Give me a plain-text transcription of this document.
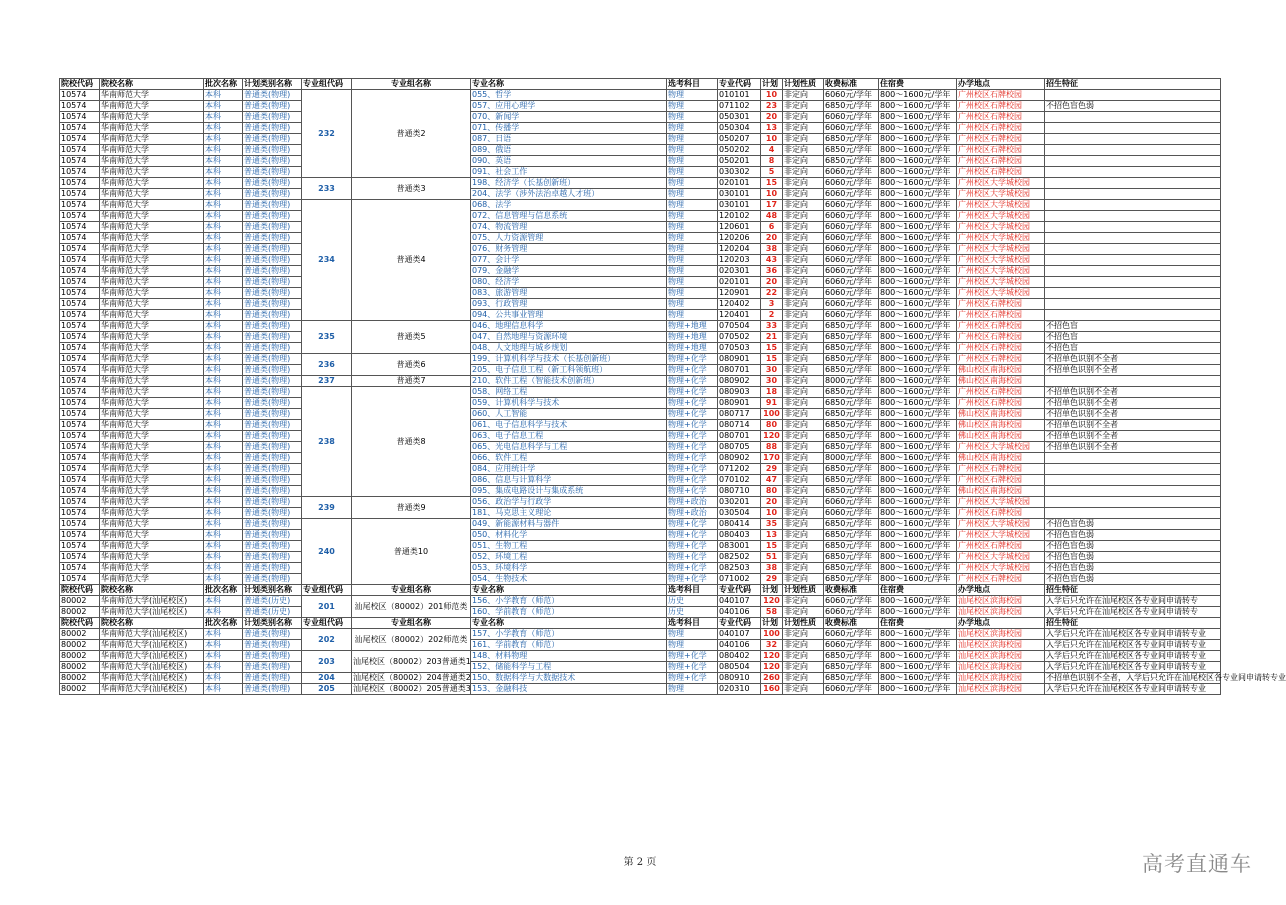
院校代码	院校名称	批次名称	计划类别名称	专业组代码	专业组名称	专业名称	选考科目	专业代码	计划	计划性质	收费标准	住宿费	办学地点	招生特征
10574	华南师范大学	本科	普通类(物理)	232	普通类2	055、哲学	物理	010101	10	非定向	6060元/学年	800～1600元/学年	广州校区石牌校园	
10574	华南师范大学	本科	普通类(物理)			057、应用心理学	物理	071102	23	非定向	6850元/学年	800～1600元/学年	广州校区石牌校园	不招色盲色弱
10574	华南师范大学	本科	普通类(物理)			070、新闻学	物理	050301	20	非定向	6060元/学年	800～1600元/学年	广州校区石牌校园	
10574	华南师范大学	本科	普通类(物理)			071、传播学	物理	050304	13	非定向	6060元/学年	800～1600元/学年	广州校区石牌校园	
10574	华南师范大学	本科	普通类(物理)			087、日语	物理	050207	10	非定向	6850元/学年	800～1600元/学年	广州校区石牌校园	
10574	华南师范大学	本科	普通类(物理)			089、俄语	物理	050202	4	非定向	6850元/学年	800～1600元/学年	广州校区石牌校园	
10574	华南师范大学	本科	普通类(物理)			090、英语	物理	050201	8	非定向	6850元/学年	800～1600元/学年	广州校区石牌校园	
10574	华南师范大学	本科	普通类(物理)			091、社会工作	物理	030302	5	非定向	6060元/学年	800～1600元/学年	广州校区石牌校园	
10574	华南师范大学	本科	普通类(物理)	233	普通类3	198、经济学（长基创新班）	物理	020101	15	非定向	6060元/学年	800～1600元/学年	广州校区大学城校园	
10574	华南师范大学	本科	普通类(物理)			204、法学（涉外法治卓越人才班）	物理	030101	10	非定向	6060元/学年	800～1600元/学年	广州校区大学城校园	
10574	华南师范大学	本科	普通类(物理)	234	普通类4	068、法学	物理	030101	17	非定向	6060元/学年	800～1600元/学年	广州校区大学城校园	
10574	华南师范大学	本科	普通类(物理)			072、信息管理与信息系统	物理	120102	48	非定向	6060元/学年	800～1600元/学年	广州校区大学城校园	
10574	华南师范大学	本科	普通类(物理)			074、物流管理	物理	120601	6	非定向	6060元/学年	800～1600元/学年	广州校区大学城校园	
10574	华南师范大学	本科	普通类(物理)			075、人力资源管理	物理	120206	20	非定向	6060元/学年	800～1600元/学年	广州校区大学城校园	
10574	华南师范大学	本科	普通类(物理)			076、财务管理	物理	120204	38	非定向	6060元/学年	800～1600元/学年	广州校区大学城校园	
10574	华南师范大学	本科	普通类(物理)			077、会计学	物理	120203	43	非定向	6060元/学年	800～1600元/学年	广州校区大学城校园	
10574	华南师范大学	本科	普通类(物理)			079、金融学	物理	020301	36	非定向	6060元/学年	800～1600元/学年	广州校区大学城校园	
10574	华南师范大学	本科	普通类(物理)			080、经济学	物理	020101	20	非定向	6060元/学年	800～1600元/学年	广州校区大学城校园	
10574	华南师范大学	本科	普通类(物理)			083、旅游管理	物理	120901	22	非定向	6060元/学年	800～1600元/学年	广州校区大学城校园	
10574	华南师范大学	本科	普通类(物理)			093、行政管理	物理	120402	3	非定向	6060元/学年	800～1600元/学年	广州校区石牌校园	
10574	华南师范大学	本科	普通类(物理)			094、公共事业管理	物理	120401	2	非定向	6060元/学年	800～1600元/学年	广州校区石牌校园	
10574	华南师范大学	本科	普通类(物理)	235	普通类5	046、地理信息科学	物理+地理	070504	33	非定向	6850元/学年	800～1600元/学年	广州校区石牌校园	不招色盲
10574	华南师范大学	本科	普通类(物理)			047、自然地理与资源环境	物理+地理	070502	21	非定向	6850元/学年	800～1600元/学年	广州校区石牌校园	不招色盲
10574	华南师范大学	本科	普通类(物理)			048、人文地理与城乡规划	物理+地理	070503	15	非定向	6850元/学年	800～1600元/学年	广州校区石牌校园	不招色盲
10574	华南师范大学	本科	普通类(物理)	236	普通类6	199、计算机科学与技术（长基创新班）	物理+化学	080901	15	非定向	6850元/学年	800～1600元/学年	广州校区石牌校园	不招单色识别不全者
10574	华南师范大学	本科	普通类(物理)			205、电子信息工程（新工科领航班）	物理+化学	080701	30	非定向	6850元/学年	800～1600元/学年	佛山校区南海校园	不招单色识别不全者
10574	华南师范大学	本科	普通类(物理)	237	普通类7	210、软件工程（智能技术创新班）	物理+化学	080902	30	非定向	8000元/学年	800～1600元/学年	佛山校区南海校园	
10574	华南师范大学	本科	普通类(物理)	238	普通类8	058、网络工程	物理+化学	080903	18	非定向	6850元/学年	800～1600元/学年	广州校区石牌校园	不招单色识别不全者
10574	华南师范大学	本科	普通类(物理)			059、计算机科学与技术	物理+化学	080901	91	非定向	6850元/学年	800～1600元/学年	广州校区石牌校园	不招单色识别不全者
10574	华南师范大学	本科	普通类(物理)			060、人工智能	物理+化学	080717	100	非定向	6850元/学年	800～1600元/学年	佛山校区南海校园	不招单色识别不全者
10574	华南师范大学	本科	普通类(物理)			061、电子信息科学与技术	物理+化学	080714	80	非定向	6850元/学年	800～1600元/学年	佛山校区南海校园	不招单色识别不全者
10574	华南师范大学	本科	普通类(物理)			063、电子信息工程	物理+化学	080701	120	非定向	6850元/学年	800～1600元/学年	佛山校区南海校园	不招单色识别不全者
10574	华南师范大学	本科	普通类(物理)			065、光电信息科学与工程	物理+化学	080705	88	非定向	6850元/学年	800～1600元/学年	广州校区大学城校园	不招单色识别不全者
10574	华南师范大学	本科	普通类(物理)			066、软件工程	物理+化学	080902	170	非定向	8000元/学年	800～1600元/学年	佛山校区南海校园	
10574	华南师范大学	本科	普通类(物理)			084、应用统计学	物理+化学	071202	29	非定向	6850元/学年	800～1600元/学年	广州校区石牌校园	
10574	华南师范大学	本科	普通类(物理)			086、信息与计算科学	物理+化学	070102	47	非定向	6850元/学年	800～1600元/学年	广州校区石牌校园	
10574	华南师范大学	本科	普通类(物理)			095、集成电路设计与集成系统	物理+化学	080710	80	非定向	6850元/学年	800～1600元/学年	佛山校区南海校园	
10574	华南师范大学	本科	普通类(物理)	239	普通类9	056、政治学与行政学	物理+政治	030201	20	非定向	6060元/学年	800～1600元/学年	广州校区大学城校园	
10574	华南师范大学	本科	普通类(物理)			181、马克思主义理论	物理+政治	030504	10	非定向	6060元/学年	800～1600元/学年	广州校区石牌校园	
10574	华南师范大学	本科	普通类(物理)	240	普通类10	049、新能源材料与器件	物理+化学	080414	35	非定向	6850元/学年	800～1600元/学年	广州校区大学城校园	不招色盲色弱
10574	华南师范大学	本科	普通类(物理)			050、材料化学	物理+化学	080403	13	非定向	6850元/学年	800～1600元/学年	广州校区大学城校园	不招色盲色弱
10574	华南师范大学	本科	普通类(物理)			051、生物工程	物理+化学	083001	15	非定向	6850元/学年	800～1600元/学年	广州校区石牌校园	不招色盲色弱
10574	华南师范大学	本科	普通类(物理)			052、环境工程	物理+化学	082502	51	非定向	6850元/学年	800～1600元/学年	广州校区大学城校园	不招色盲色弱
10574	华南师范大学	本科	普通类(物理)			053、环境科学	物理+化学	082503	38	非定向	6850元/学年	800～1600元/学年	广州校区大学城校园	不招色盲色弱
10574	华南师范大学	本科	普通类(物理)			054、生物技术	物理+化学	071002	29	非定向	6850元/学年	800～1600元/学年	广州校区石牌校园	不招色盲色弱
院校代码	院校名称	批次名称	计划类别名称	专业组代码	专业组名称	专业名称	选考科目	专业代码	计划	计划性质	收费标准	住宿费	办学地点	招生特征
80002	华南师范大学(汕尾校区)	本科	普通类(历史)	201	汕尾校区（80002）201师范类	156、小学教育（师范）	历史	040107	120	非定向	6060元/学年	800～1600元/学年	汕尾校区滨海校园	入学后只允许在汕尾校区各专业间申请转专
80002	华南师范大学(汕尾校区)	本科	普通类(历史)			160、学前教育（师范）	历史	040106	58	非定向	6060元/学年	800～1600元/学年	汕尾校区滨海校园	入学后只允许在汕尾校区各专业间申请转专
院校代码	院校名称	批次名称	计划类别名称	专业组代码	专业组名称	专业名称	选考科目	专业代码	计划	计划性质	收费标准	住宿费	办学地点	招生特征
80002	华南师范大学(汕尾校区)	本科	普通类(物理)	202	汕尾校区（80002）202师范类	157、小学教育（师范）	物理	040107	100	非定向	6060元/学年	800～1600元/学年	汕尾校区滨海校园	入学后只允许在汕尾校区各专业间申请转专业
80002	华南师范大学(汕尾校区)	本科	普通类(物理)			161、学前教育（师范）	物理	040106	32	非定向	6060元/学年	800～1600元/学年	汕尾校区滨海校园	入学后只允许在汕尾校区各专业间申请转专业
80002	华南师范大学(汕尾校区)	本科	普通类(物理)	203	汕尾校区（80002）203普通类1	148、材料物理	物理+化学	080402	120	非定向	6850元/学年	800～1600元/学年	汕尾校区滨海校园	入学后只允许在汕尾校区各专业间申请转专业
80002	华南师范大学(汕尾校区)	本科	普通类(物理)			152、储能科学与工程	物理+化学	080504	120	非定向	6850元/学年	800～1600元/学年	汕尾校区滨海校园	入学后只允许在汕尾校区各专业间申请转专业
80002	华南师范大学(汕尾校区)	本科	普通类(物理)	204	汕尾校区（80002）204普通类2	150、数据科学与大数据技术	物理+化学	080910	260	非定向	6850元/学年	800～1600元/学年	汕尾校区滨海校园	不招单色识别不全者，入学后只允许在汕尾校区各专业间申请转专业
80002	华南师范大学(汕尾校区)	本科	普通类(物理)	205	汕尾校区（80002）205普通类3	153、金融科技	物理	020310	160	非定向	6060元/学年	800～1600元/学年	汕尾校区滨海校园	入学后只允许在汕尾校区各专业间申请转专业
第 2 页	高考直通车
